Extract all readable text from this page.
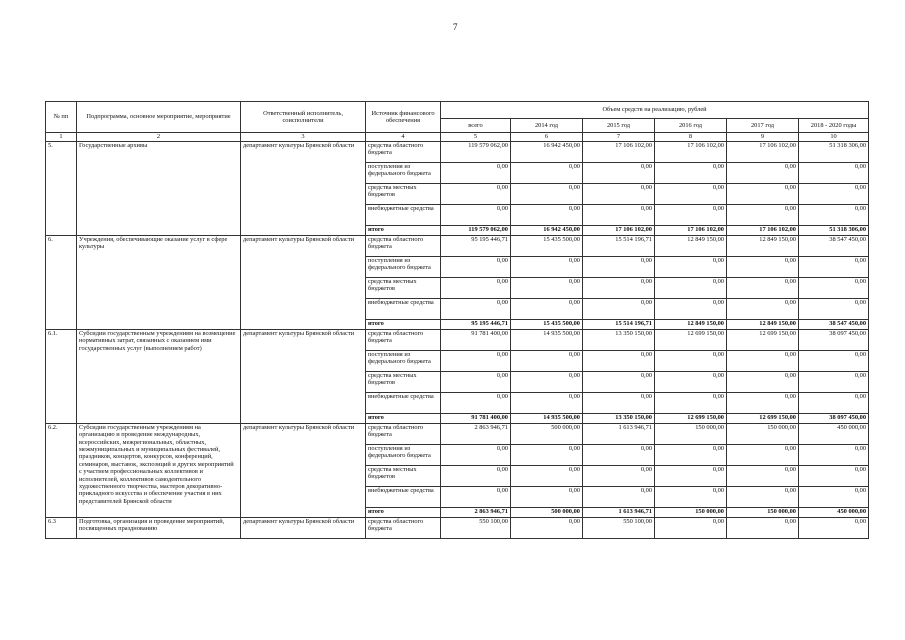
7
№ пп	Подпрограмма, основное мероприятие, мероприятие	Ответственный исполнитель, соисполнители	Источник финансового обеспечения	Объем средств на реализацию, рублей					
				всего	2014 год	2015 год	2016 год	2017 год	2018 - 2020 годы
1	2	3	4	5	6	7	8	9	10
5.	Государственные архивы	департамент культуры Брянской области	средства областного бюджета	119 579 062,00	16 942 450,00	17 106 102,00	17 106 102,00	17 106 102,00	51 318 306,00
			поступления из федерального бюджета	0,00	0,00	0,00	0,00	0,00	0,00
			средства местных бюджетов	0,00	0,00	0,00	0,00	0,00	0,00
			внебюджетные средства	0,00	0,00	0,00	0,00	0,00	0,00
			итого	119 579 062,00	16 942 450,00	17 106 102,00	17 106 102,00	17 106 102,00	51 318 306,00
6.	Учреждения, обеспечивающие оказание услуг в сфере культуры	департамент культуры Брянской области	средства областного бюджета	95 195 446,71	15 435 500,00	15 514 196,71	12 849 150,00	12 849 150,00	38 547 450,00
			поступления из федерального бюджета	0,00	0,00	0,00	0,00	0,00	0,00
			средства местных бюджетов	0,00	0,00	0,00	0,00	0,00	0,00
			внебюджетные средства	0,00	0,00	0,00	0,00	0,00	0,00
			итого	95 195 446,71	15 435 500,00	15 514 196,71	12 849 150,00	12 849 150,00	38 547 450,00
6.1.	Субсидии государственным учреждениям на возмещение нормативных затрат, связанных с оказанием ими государственных услуг (выполнением работ)	департамент культуры Брянской области	средства областного бюджета	91 781 400,00	14 935 500,00	13 350 150,00	12 699 150,00	12 699 150,00	38 097 450,00
			поступления из федерального бюджета	0,00	0,00	0,00	0,00	0,00	0,00
			средства местных бюджетов	0,00	0,00	0,00	0,00	0,00	0,00
			внебюджетные средства	0,00	0,00	0,00	0,00	0,00	0,00
			итого	91 781 400,00	14 935 500,00	13 350 150,00	12 699 150,00	12 699 150,00	38 097 450,00
6.2.	Субсидии государственным учреждениям на организацию и проведение международных, всероссийских, межрегиональных, областных, межмуниципальных и муниципальных фестивалей, праздников, концертов, конкурсов, конференций, семинаров, выставок, экспозиций и других мероприятий с участием профессиональных коллективов и исполнителей, коллективов самодеятельного художественного творчества, мастеров декоративно-прикладного искусства и обеспечение участия в них представителей Брянской области	департамент культуры Брянской области	средства областного бюджета	2 863 946,71	500 000,00	1 613 946,71	150 000,00	150 000,00	450 000,00
			поступления из федерального бюджета	0,00	0,00	0,00	0,00	0,00	0,00
			средства местных бюджетов	0,00	0,00	0,00	0,00	0,00	0,00
			внебюджетные средства	0,00	0,00	0,00	0,00	0,00	0,00
			итого	2 863 946,71	500 000,00	1 613 946,71	150 000,00	150 000,00	450 000,00
6.3	Подготовка, организация и проведение мероприятий, посвященных празднованию	департамент культуры Брянской области	средства областного бюджета	550 100,00	0,00	550 100,00	0,00	0,00	0,00
